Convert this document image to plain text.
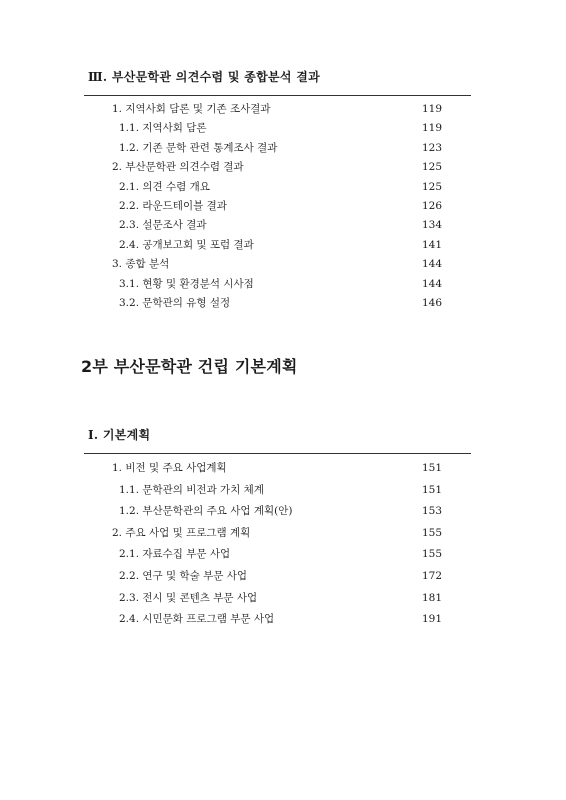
Ⅲ. 부산문학관 의견수렴 및 종합분석 결과
1. 지역사회 담론 및 기존 조사결과	119
1.1. 지역사회 담론	119
1.2. 기존 문학 관련 통계조사 결과	123
2. 부산문학관 의견수렴 결과	125
2.1. 의견 수렴 개요	125
2.2. 라운드테이블 결과	126
2.3. 설문조사 결과	134
2.4. 공개보고회 및 포럼 결과	141
3. 종합 분석	144
3.1. 현황 및 환경분석 시사점	144
3.2. 문학관의 유형 설정	146
2부 부산문학관 건립 기본계획
Ⅰ. 기본계획
1. 비전 및 주요 사업계획	151
1.1. 문학관의 비전과 가치 체계	151
1.2. 부산문학관의 주요 사업 계획(안)	153
2. 주요 사업 및 프로그램 계획	155
2.1. 자료수집 부문 사업	155
2.2. 연구 및 학술 부문 사업	172
2.3. 전시 및 콘텐츠 부문 사업	181
2.4. 시민문화 프로그램 부문 사업	191
